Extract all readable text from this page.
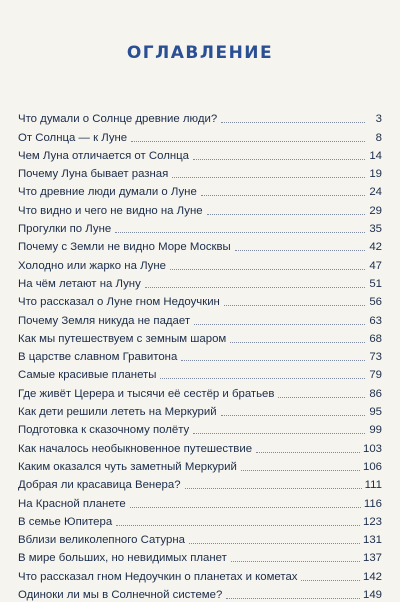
ОГЛАВЛЕНИЕ
Что думали о Солнце древние люди?	3
От Солнца — к Луне	8
Чем Луна отличается от Солнца	14
Почему Луна бывает разная	19
Что древние люди думали о Луне	24
Что видно и чего не видно на Луне	29
Прогулки по Луне	35
Почему с Земли не видно Море Москвы	42
Холодно или жарко на Луне	47
На чём летают на Луну	51
Что рассказал о Луне гном Недоучкин	56
Почему Земля никуда не падает	63
Как мы путешествуем с земным шаром	68
В царстве славном Гравитона	73
Самые красивые планеты	79
Где живёт Церера и тысячи её сестёр и братьев	86
Как дети решили лететь на Меркурий	95
Подготовка к сказочному полёту	99
Как началось необыкновенное путешествие	103
Каким оказался чуть заметный Меркурий	106
Добрая ли красавица Венера?	111
На Красной планете	116
В семье Юпитера	123
Вблизи великолепного Сатурна	131
В мире больших, но невидимых планет	137
Что рассказал гном Недоучкин о планетах и кометах	142
Одиноки ли мы в Солнечной системе?	149
